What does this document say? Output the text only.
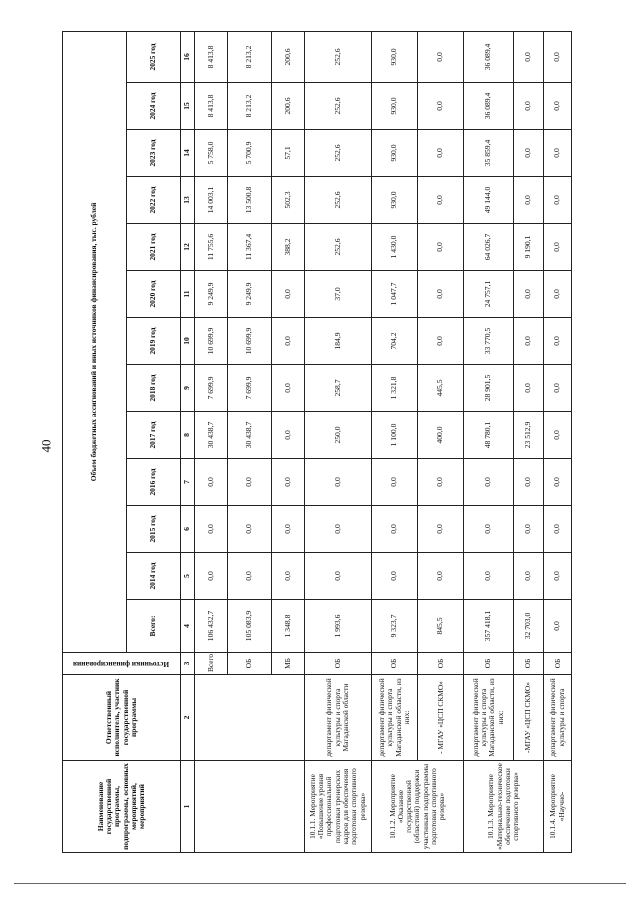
40
Наименование государственной программы, подпрограммы, основных мероприятий, мероприятий	Ответственный исполнитель, участник государственной программы	Источники финансирования	Объем бюджетных ассигнований и иных источников финансирования, тыс. рублей												
			Всего:	2014 год	2015 год	2016 год	2017 год	2018 год	2019 год	2020 год	2021 год	2022 год	2023 год	2024 год	2025 год
1	2	3	4	5	6	7	8	9	10	11	12	13	14	15	16
		Всего	106 432,7	0,0	0,0	0,0	30 438,7	7 699,9	10 699,9	9 249,9	11 755,6	14 003,1	5 758,0	8 413,8	8 413,8
		ОБ	105 083,9	0,0	0,0	0,0	30 438,7	7 699,9	10 699,9	9 249,9	11 367,4	13 500,8	5 700,9	8 213,2	8 213,2
		МБ	1 348,8	0,0	0,0	0,0	0,0	0,0	0,0	0,0	388,2	502,3	57,1	200,6	200,6
10.1.1. Мероприятие «Повышение уровня профессиональной подготовки тренерских кадров для обеспечения подготовки спортивного резерва»	департамент физической культуры и спорта Магаданской области	ОБ	1 993,6	0,0	0,0	0,0	250,0	258,7	184,9	37,0	252,6	252,6	252,6	252,6	252,6
10.1.2. Мероприятие «Оказание государственной (областной) поддержки участникам подпрограммы подготовки спортивного резерва»	департамент физической культуры и спорта Магаданской области, из них:	ОБ	9 323,7	0,0	0,0	0,0	1 100,0	1 321,8	704,2	1 047,7	1 430,0	930,0	930,0	930,0	930,0
	- МГАУ «ЦСП СКМО»	ОБ	845,5	0,0	0,0	0,0	400,0	445,5	0,0	0,0	0,0	0,0	0,0	0,0	0,0
10.1.3. Мероприятие «Материально-техническое обеспечение подготовки спортивного резерва»	департамент физической культуры и спорта Магаданской области, из них:	ОБ	357 418,1	0,0	0,0	0,0	48 780,1	28 901,5	33 770,5	24 757,1	64 026,7	49 144,0	35 859,4	36 089,4	36 089,4
	-МГАУ «ЦСП СКМО»	ОБ	32 703,0	0,0	0,0	0,0	23 512,9	0,0	0,0	0,0	9 190,1	0,0	0,0	0,0	0,0
10.1.4. Мероприятие «Научно-	департамент физической культуры и спорта	ОБ	0,0	0,0	0,0	0,0	0,0	0,0	0,0	0,0	0,0	0,0	0,0	0,0	0,0
